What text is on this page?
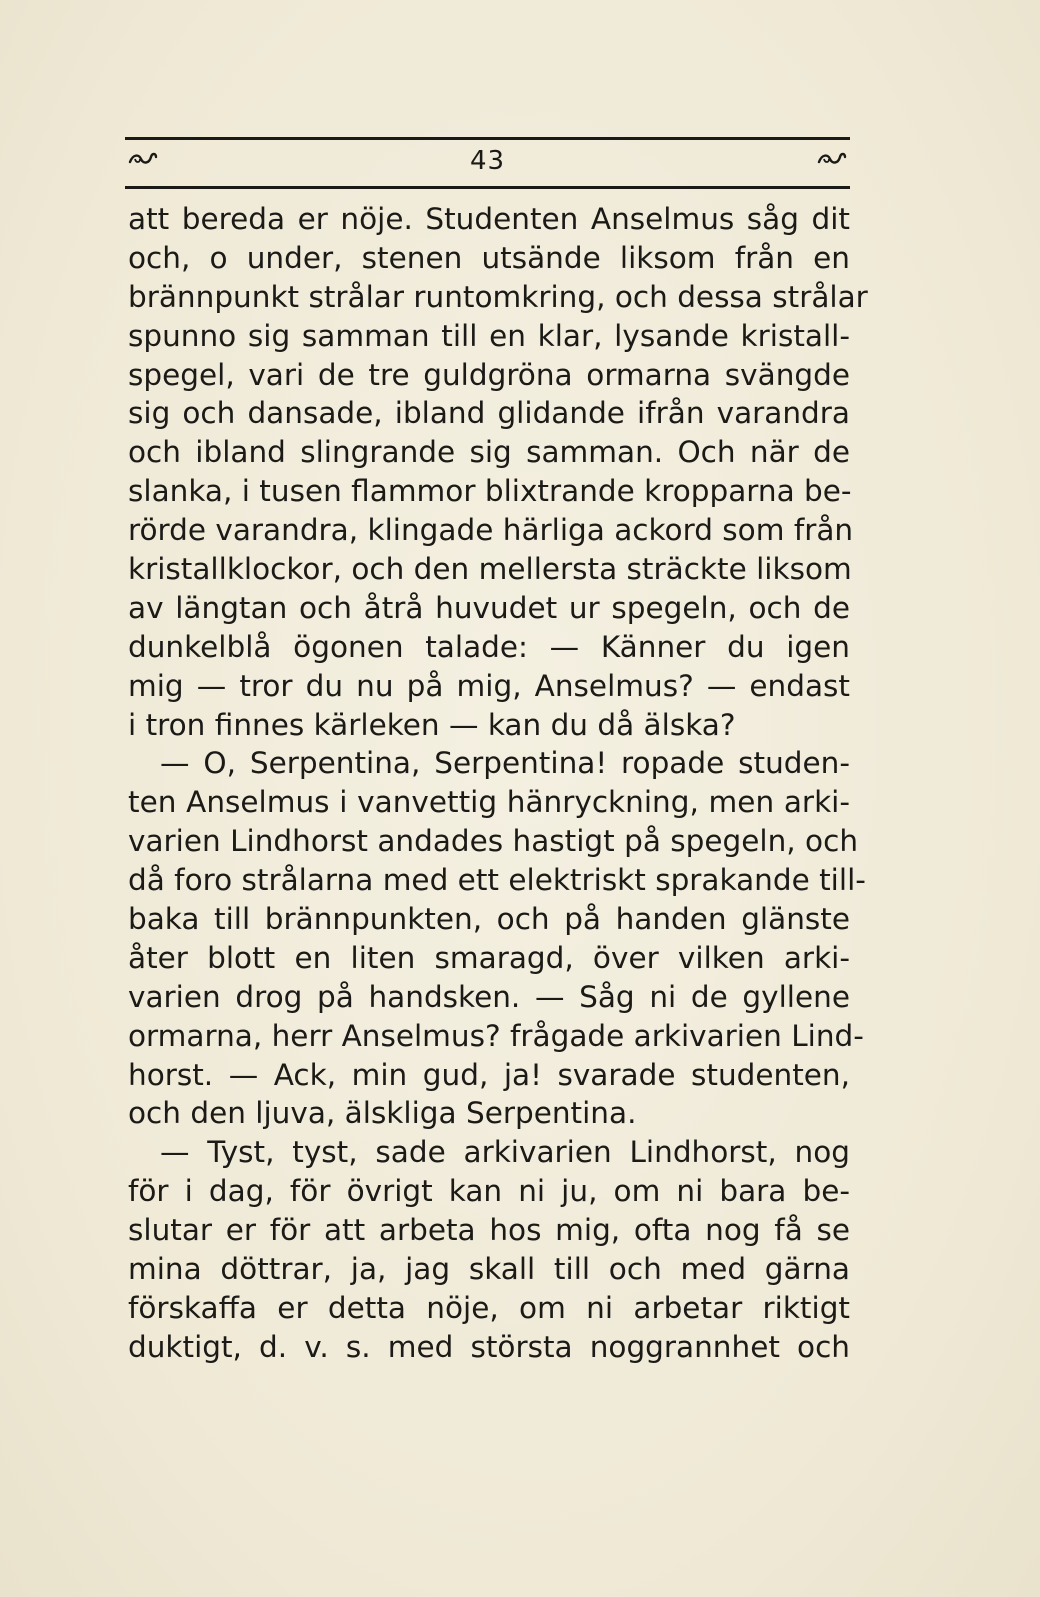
43
att bereda er nöje. Studenten Anselmus såg dit
och, o under, stenen utsände liksom från en
brännpunkt strålar runtomkring, och dessa strålar
spunno sig samman till en klar, lysande kristall-
spegel, vari de tre guldgröna ormarna svängde
sig och dansade, ibland glidande ifrån varandra
och ibland slingrande sig samman. Och när de
slanka, i tusen flammor blixtrande kropparna be-
rörde varandra, klingade härliga ackord som från
kristallklockor, och den mellersta sträckte liksom
av längtan och åtrå huvudet ur spegeln, och de
dunkelblå ögonen talade: — Känner du igen
mig — tror du nu på mig, Anselmus? — endast
i tron finnes kärleken — kan du då älska?
— O, Serpentina, Serpentina! ropade studen-
ten Anselmus i vanvettig hänryckning, men arki-
varien Lindhorst andades hastigt på spegeln, och
då foro strålarna med ett elektriskt sprakande till-
baka till brännpunkten, och på handen glänste
åter blott en liten smaragd, över vilken arki-
varien drog på handsken. — Såg ni de gyllene
ormarna, herr Anselmus? frågade arkivarien Lind-
horst. — Ack, min gud, ja! svarade studenten,
och den ljuva, älskliga Serpentina.
— Tyst, tyst, sade arkivarien Lindhorst, nog
för i dag, för övrigt kan ni ju, om ni bara be-
slutar er för att arbeta hos mig, ofta nog få se
mina döttrar, ja, jag skall till och med gärna
förskaffa er detta nöje, om ni arbetar riktigt
duktigt, d. v. s. med största noggrannhet och
